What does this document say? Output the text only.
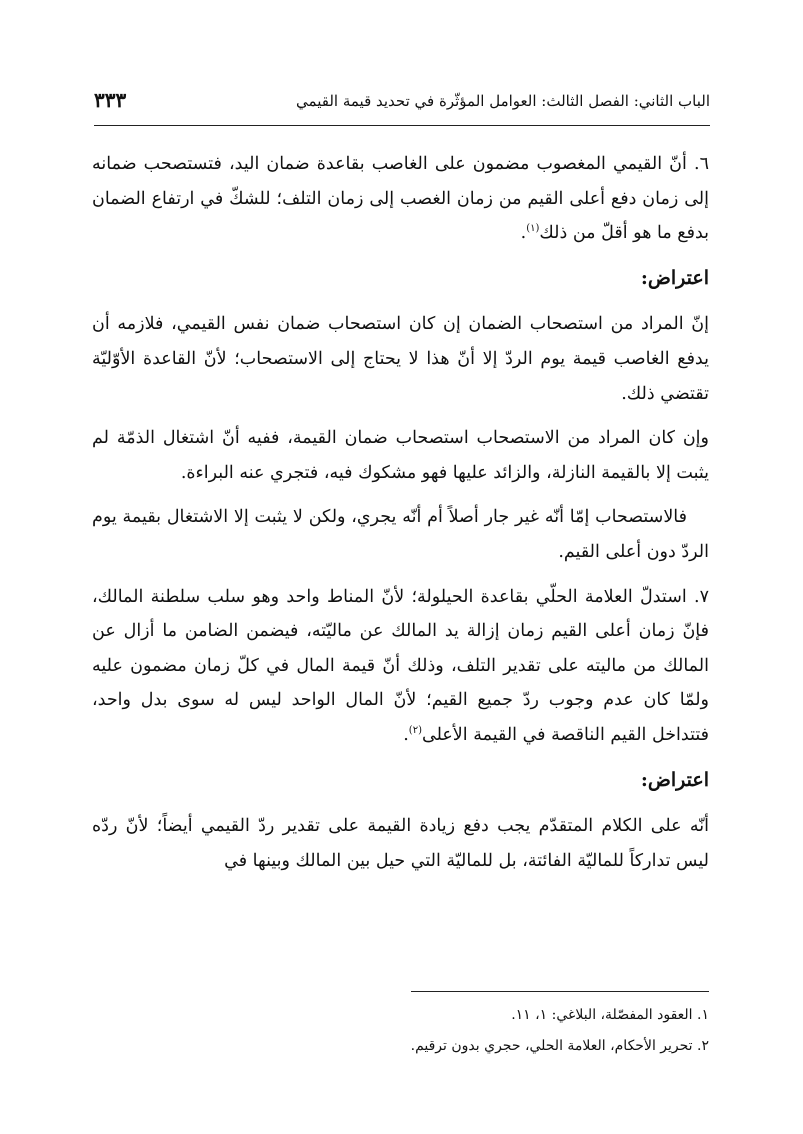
الباب الثاني: الفصل الثالث: العوامل المؤثّرة في تحديد قيمة القيمي
٣٣٣

٦. أنّ القيمي المغصوب مضمون على الغاصب بقاعدة ضمان اليد، فتستصحب ضمانه إلى زمان دفع أعلى القيم من زمان الغصب إلى زمان التلف؛ للشكّ في ارتفاع الضمان بدفع ما هو أقلّ من ذلك$^{(١)}$.

اعتراض:

إنّ المراد من استصحاب الضمان إن كان استصحاب ضمان نفس القيمي، فلازمه أن يدفع الغاصب قيمة يوم الردّ إلا أنّ هذا لا يحتاج إلى الاستصحاب؛ لأنّ القاعدة الأوّليّة تقتضي ذلك.

وإن كان المراد من الاستصحاب استصحاب ضمان القيمة، ففيه أنّ اشتغال الذمّة لم يثبت إلا بالقيمة النازلة، والزائد عليها فهو مشكوك فيه، فتجري عنه البراءة.

فالاستصحاب إمّا أنّه غير جار أصلاً أم أنّه يجري، ولكن لا يثبت إلا الاشتغال بقيمة يوم الردّ دون أعلى القيم.

٧. استدلّ العلامة الحلّي بقاعدة الحيلولة؛ لأنّ المناط واحد وهو سلب سلطنة المالك، فإنّ زمان أعلى القيم زمان إزالة يد المالك عن ماليّته، فيضمن الضامن ما أزال عن المالك من ماليته على تقدير التلف، وذلك أنّ قيمة المال في كلّ زمان مضمون عليه ولمّا كان عدم وجوب ردّ جميع القيم؛ لأنّ المال الواحد ليس له سوى بدل واحد، فتتداخل القيم الناقصة في القيمة الأعلى$^{(٢)}$.

اعتراض:

أنّه على الكلام المتقدّم يجب دفع زيادة القيمة على تقدير ردّ القيمي أيضاً؛ لأنّ ردّه ليس تداركاً للماليّة الفائتة، بل للماليّة التي حيل بين المالك وبينها في

١. العقود المفصّلة، البلاغي: ١، ١١.

٢. تحرير الأحكام، العلامة الحلي، حجري بدون ترقيم.
